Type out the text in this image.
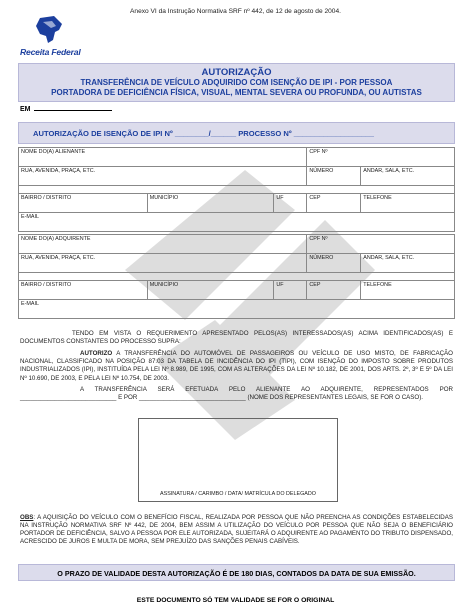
Anexo VI da Instrução Normativa SRF nº 442, de 12 de agosto de 2004.
Receita Federal
AUTORIZAÇÃO
TRANSFERÊNCIA DE VEÍCULO ADQUIRIDO COM ISENÇÃO DE IPI - POR PESSOA
PORTADORA DE DEFICIÊNCIA FÍSICA, VISUAL, MENTAL SEVERA OU PROFUNDA, OU AUTISTAS
EM
AUTORIZAÇÃO DE ISENÇÃO DE IPI Nº ________/______ PROCESSO Nº ___________________
NOME DO(A) ALIENANTE	CPF Nº
RUA, AVENIDA, PRAÇA, ETC.	NÚMERO	ANDAR, SALA, ETC.
BAIRRO / DISTRITO	MUNICÍPIO	UF	CEP	TELEFONE
E-MAIL
NOME DO(A) ADQUIRENTE	CPF Nº
RUA, AVENIDA, PRAÇA, ETC.	NÚMERO	ANDAR, SALA, ETC.
BAIRRO / DISTRITO	MUNICÍPIO	UF	CEP	TELEFONE
E-MAIL
TENDO EM VISTA O REQUERIMENTO APRESENTADO PELOS(AS) INTERESSADOS(AS) ACIMA IDENTIFICADOS(AS) E DOCUMENTOS CONSTANTES DO PROCESSO SUPRA:
AUTORIZO A TRANSFERÊNCIA DO AUTOMÓVEL DE PASSAGEIROS OU VEÍCULO DE USO MISTO, DE FABRICAÇÃO NACIONAL, CLASSIFICADO NA POSIÇÃO 87.03 DA TABELA DE INCIDÊNCIA DO IPI (TIPI), COM ISENÇÃO DO IMPOSTO SOBRE PRODUTOS INDUSTRIALIZADOS (IPI), INSTITUÍDA PELA LEI Nº 8.989, DE 1995, COM AS ALTERAÇÕES DA LEI Nº 10.182, DE 2001, DOS ARTS. 2º, 3º E 5º DA LEI Nº 10.690, DE 2003, E PELA LEI Nº 10.754, DE 2003.
A TRANSFERÊNCIA SERÁ EFETUADA PELO ALIENANTE AO ADQUIRENTE, REPRESENTADOS POR ____________________________ E POR _______________________________ (NOME DOS REPRESENTANTES LEGAIS, SE FOR O CASO).
ASSINATURA / CARIMBO / DATA/ MATRÍCULA DO DELEGADO
OBS: A AQUISIÇÃO DO VEÍCULO COM O BENEFÍCIO FISCAL, REALIZADA POR PESSOA QUE NÃO PREENCHA AS CONDIÇÕES ESTABELECIDAS NA INSTRUÇÃO NORMATIVA SRF Nº 442, DE 2004, BEM ASSIM A UTILIZAÇÃO DO VEÍCULO POR PESSOA QUE NÃO SEJA O BENEFICIÁRIO PORTADOR DE DEFICIÊNCIA, SALVO A PESSOA POR ELE AUTORIZADA, SUJEITARÁ O ADQUIRENTE AO PAGAMENTO DO TRIBUTO DISPENSADO, ACRESCIDO DE JUROS E MULTA DE MORA, SEM PREJUÍZO DAS SANÇÕES PENAIS CABÍVEIS.
O PRAZO DE VALIDADE DESTA AUTORIZAÇÃO É DE 180 DIAS, CONTADOS DA DATA DE SUA EMISSÃO.
ESTE DOCUMENTO SÓ TEM VALIDADE SE FOR O ORIGINAL
